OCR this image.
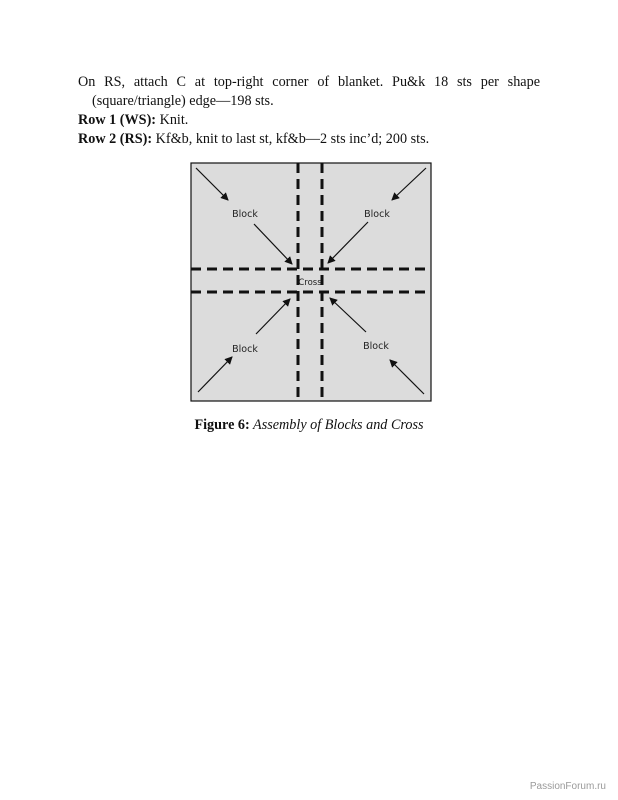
On RS, attach C at top-right corner of blanket. Pu&k 18 sts per shape (square/triangle) edge—198 sts.

Row 1 (WS): Knit.

Row 2 (RS): Kf&b, knit to last st, kf&b—2 sts inc’d; 200 sts.

Block	Block
Block	Block
Cross
Figure 6: Assembly of Blocks and Cross
PassionForum.ru
